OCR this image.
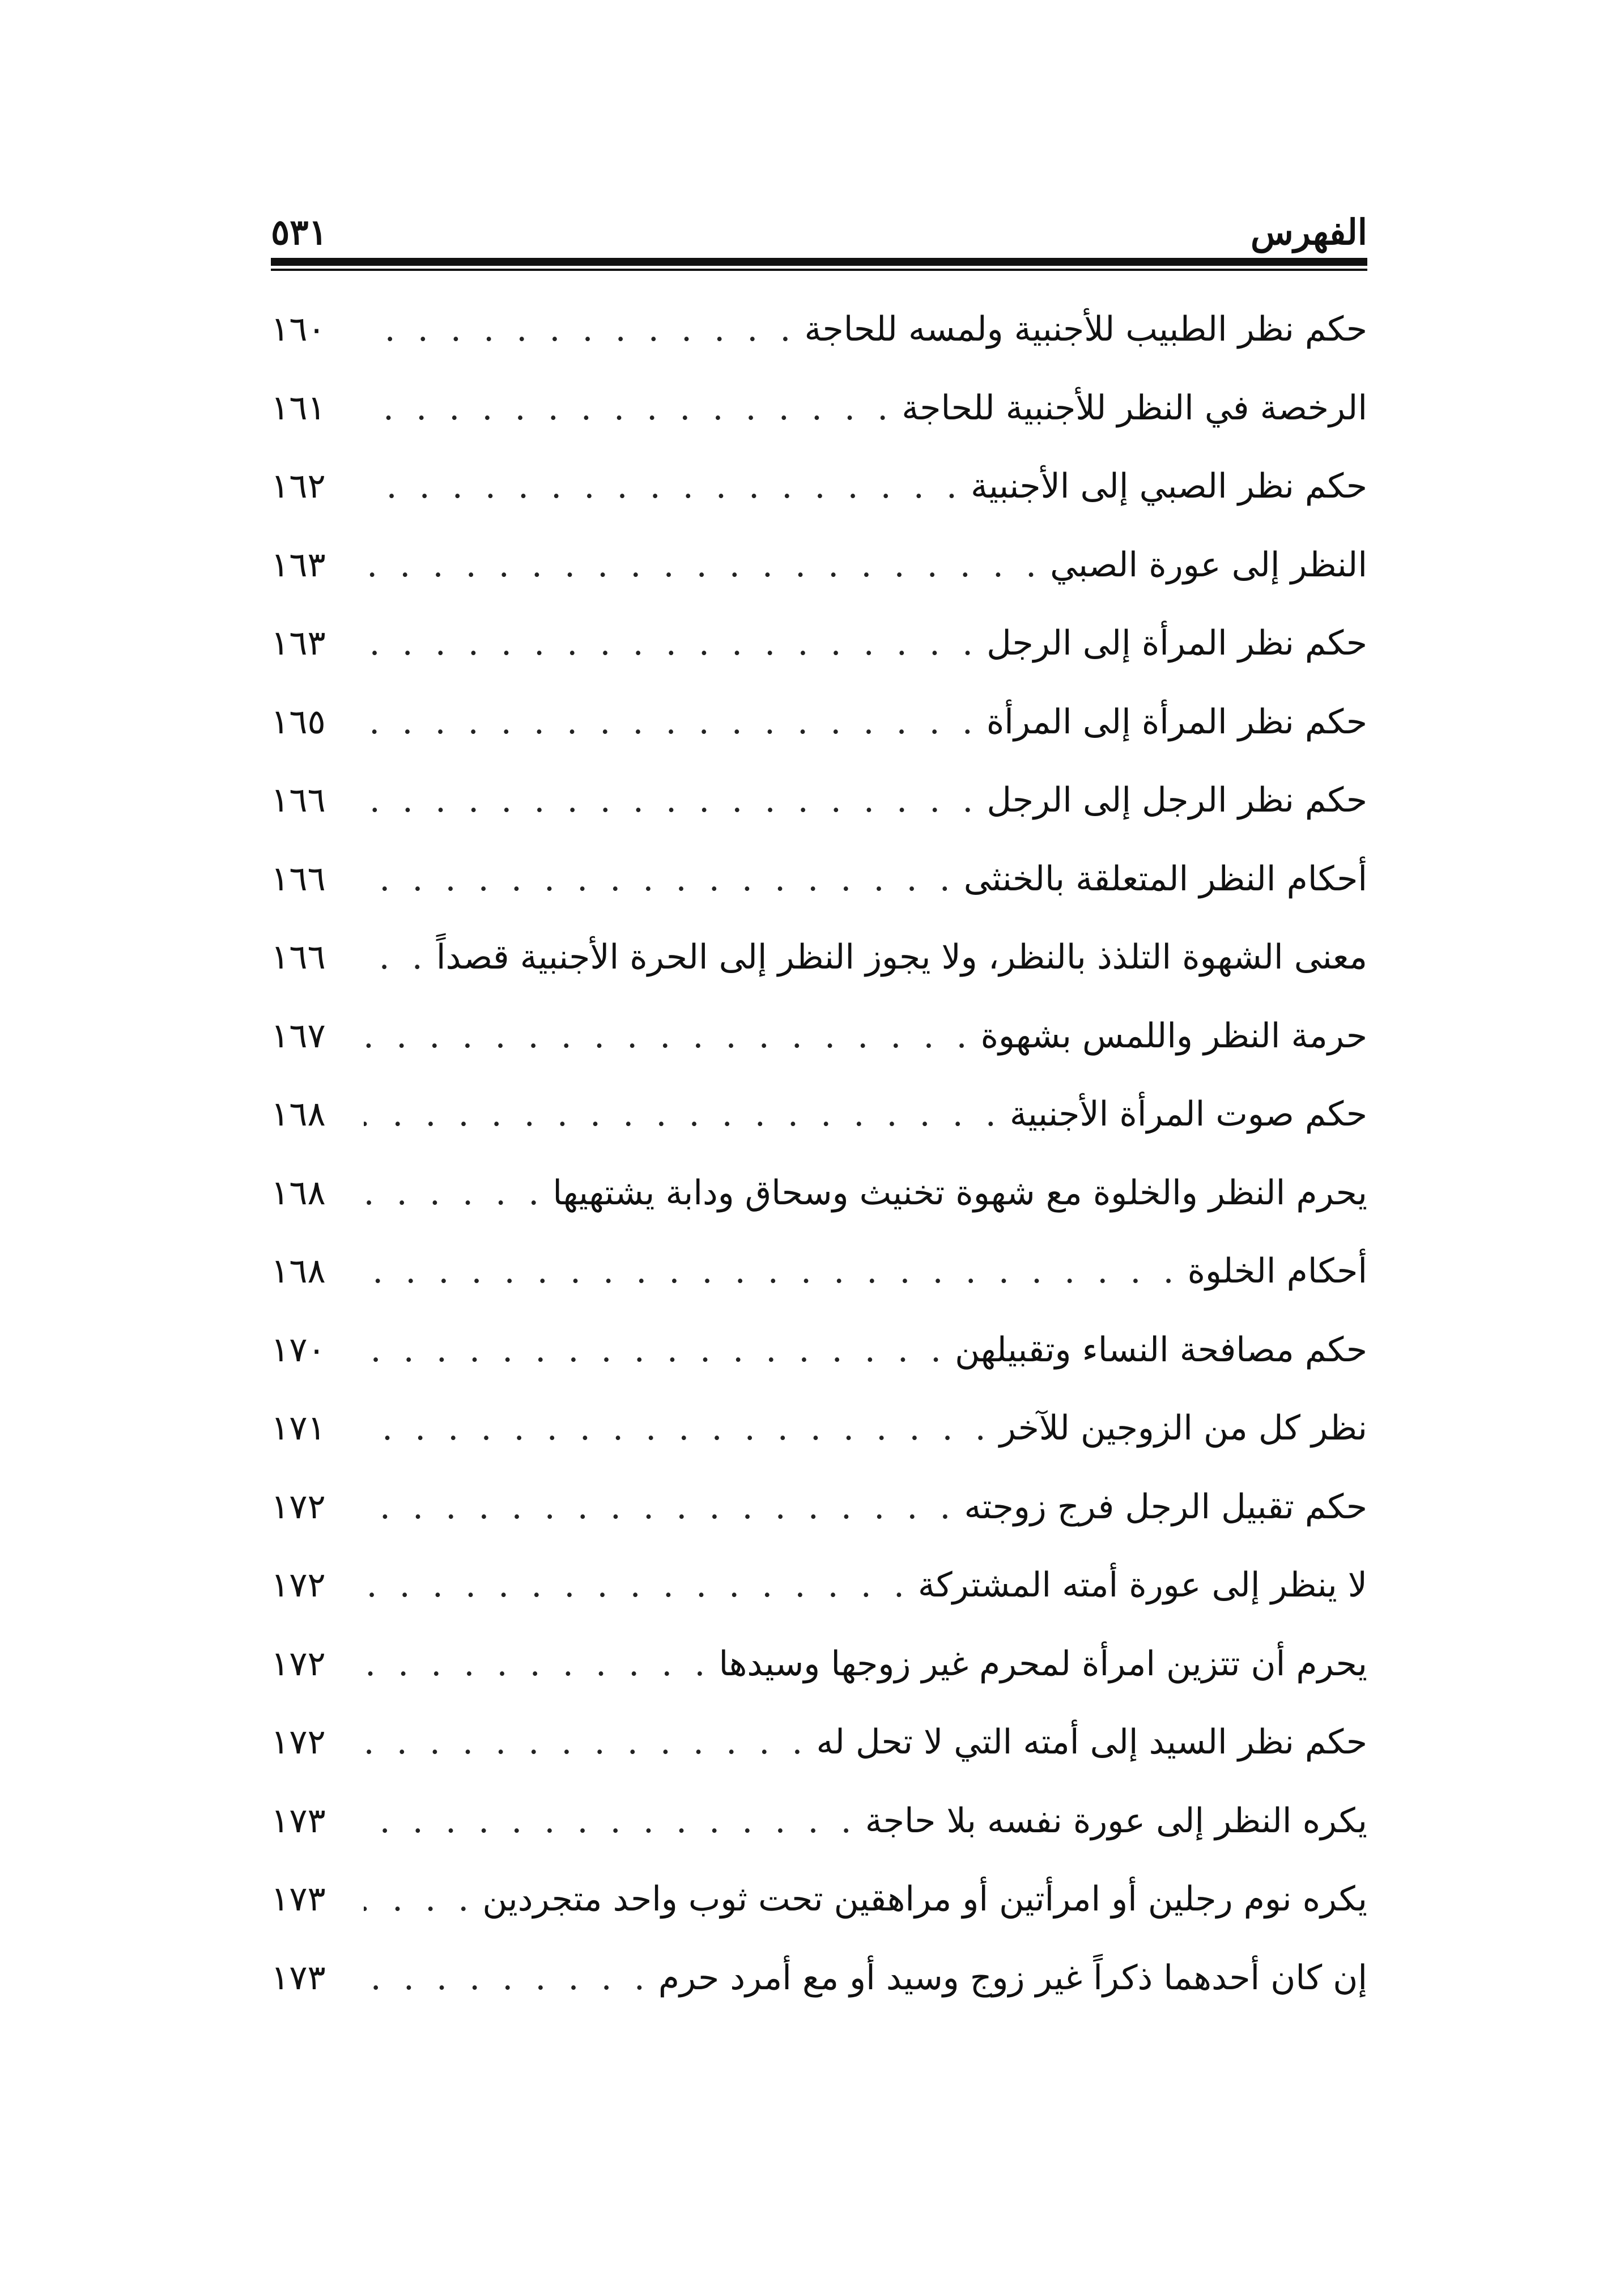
الفهرس
٥٣١
حكم نظر الطبيب للأجنبية ولمسه للحاجة
. . .
١٦٠
الرخصة في النظر للأجنبية للحاجة
. . .
١٦١
حكم نظر الصبي إلى الأجنبية
. . .
١٦٢
النظر إلى عورة الصبي
. . .
١٦٣
حكم نظر المرأة إلى الرجل
. . .
١٦٣
حكم نظر المرأة إلى المرأة
. . .
١٦٥
حكم نظر الرجل إلى الرجل
. . .
١٦٦
أحكام النظر المتعلقة بالخنثى
. . .
١٦٦
معنى الشهوة التلذذ بالنظر، ولا يجوز النظر إلى الحرة الأجنبية قصداً
. . .
١٦٦
حرمة النظر واللمس بشهوة
. . .
١٦٧
حكم صوت المرأة الأجنبية
. . .
١٦٨
يحرم النظر والخلوة مع شهوة تخنيث وسحاق ودابة يشتهيها
. . .
١٦٨
أحكام الخلوة
. . .
١٦٨
حكم مصافحة النساء وتقبيلهن
. . .
١٧٠
نظر كل من الزوجين للآخر
. . .
١٧١
حكم تقبيل الرجل فرج زوجته
. . .
١٧٢
لا ينظر إلى عورة أمته المشتركة
. . .
١٧٢
يحرم أن تتزين امرأة لمحرم غير زوجها وسيدها
. . .
١٧٢
حكم نظر السيد إلى أمته التي لا تحل له
. . .
١٧٢
يكره النظر إلى عورة نفسه بلا حاجة
. . .
١٧٣
يكره نوم رجلين أو امرأتين أو مراهقين تحت ثوب واحد متجردين
. . .
١٧٣
إن كان أحدهما ذكراً غير زوج وسيد أو مع أمرد حرم
. . .
١٧٣
